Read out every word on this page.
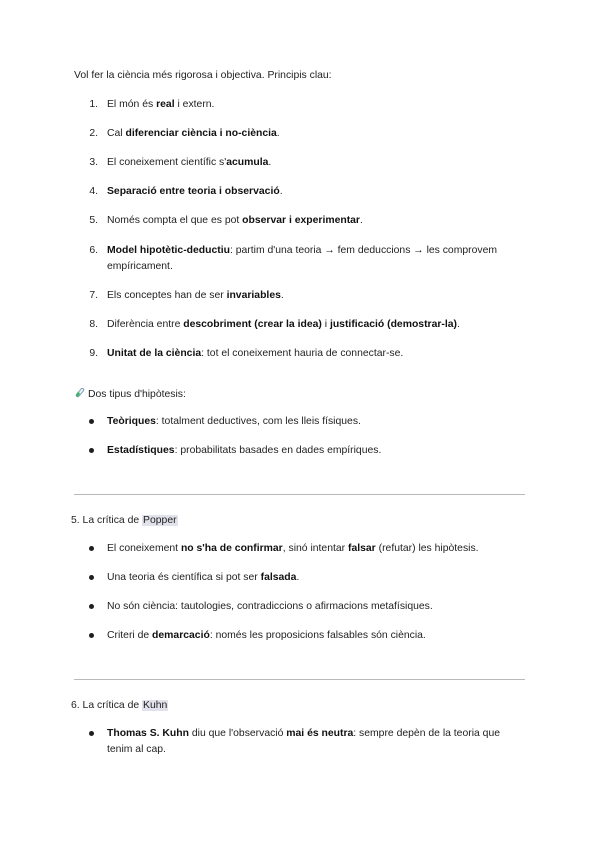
Vol fer la ciència més rigorosa i objectiva. Principis clau:
1. El món és real i extern.
2. Cal diferenciar ciència i no-ciència.
3. El coneixement científic s'acumula.
4. Separació entre teoria i observació.
5. Només compta el que es pot observar i experimentar.
6. Model hipotètic-deductiu: partim d'una teoria → fem deduccions → les comprovem empíricament.
7. Els conceptes han de ser invariables.
8. Diferència entre descobriment (crear la idea) i justificació (demostrar-la).
9. Unitat de la ciència: tot el coneixement hauria de connectar-se.
Dos tipus d'hipòtesis:
Teòriques: totalment deductives, com les lleis físiques.
Estadístiques: probabilitats basades en dades empíriques.
5. La crítica de Popper
El coneixement no s'ha de confirmar, sinó intentar falsar (refutar) les hipòtesis.
Una teoria és científica si pot ser falsada.
No són ciència: tautologies, contradiccions o afirmacions metafísiques.
Criteri de demarcació: només les proposicions falsables són ciència.
6. La crítica de Kuhn
Thomas S. Kuhn diu que l'observació mai és neutra: sempre depèn de la teoria que tenim al cap.
